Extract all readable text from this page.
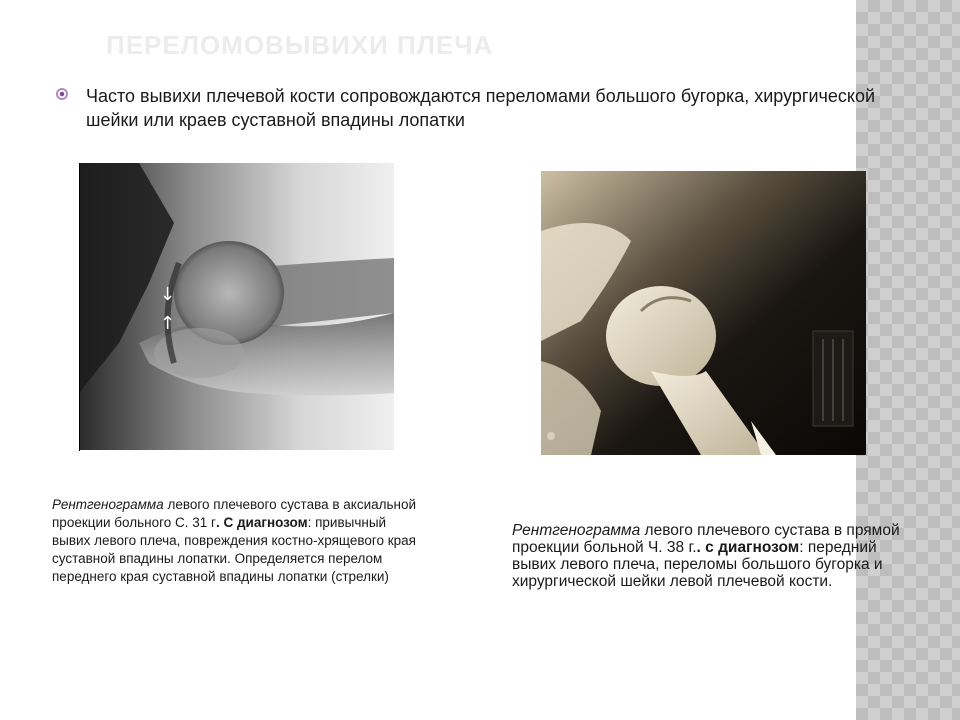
ПЕРЕЛОМОВЫВИХИ ПЛЕЧА

Часто вывихи плечевой кости сопровождаются переломами большого бугорка, хирургической шейки или краев суставной впадины лопатки

↓
↑
Рентгенограмма левого плечевого сустава в аксиальной проекции больного С. 31 г. С диагнозом: привычный вывих левого плеча, повреждения костно-хрящевого края суставной впадины лопатки. Определяется перелом переднего края суставной впадины лопатки (стрелки)
Рентгенограмма левого плечевого сустава в прямой проекции больной Ч. 38 г.. с диагнозом: передний вывих левого плеча, переломы большого бугорка и хирургической шейки левой плечевой кости.
